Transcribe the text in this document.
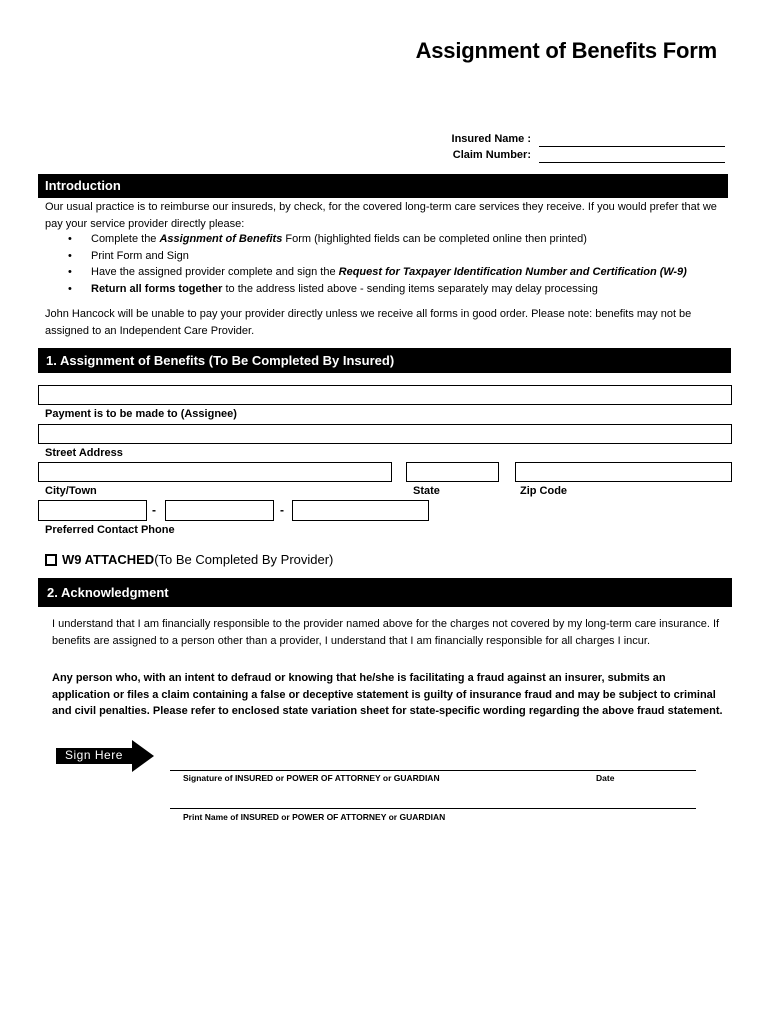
Assignment of Benefits Form
Insured Name :
Claim Number:
Introduction
Our usual practice is to reimburse our insureds, by check, for the covered long-term care services they receive. If you would prefer that we pay your service provider directly please:
• Complete the Assignment of Benefits Form (highlighted fields can be completed online then printed)
• Print Form and Sign
• Have the assigned provider complete and sign the Request for Taxpayer Identification Number and Certification (W-9)
• Return all forms together to the address listed above - sending items separately may delay processing
John Hancock will be unable to pay your provider directly unless we receive all forms in good order. Please note: benefits may not be assigned to an Independent Care Provider.
1. Assignment of Benefits (To Be Completed By Insured)
Payment is to be made to (Assignee)
Street Address
City/Town	State	Zip Code
-	-
Preferred Contact Phone
W9 ATTACHED (To Be Completed By Provider)
2. Acknowledgment
I understand that I am financially responsible to the provider named above for the charges not covered by my long-term care insurance. If benefits are assigned to a person other than a provider, I understand that I am financially responsible for all charges I incur.
Any person who, with an intent to defraud or knowing that he/she is facilitating a fraud against an insurer, submits an application or files a claim containing a false or deceptive statement is guilty of insurance fraud and may be subject to criminal and civil penalties. Please refer to enclosed state variation sheet for state-specific wording regarding the above fraud statement.
Sign Here
Signature of INSURED or POWER OF ATTORNEY or GUARDIAN	Date
Print Name of INSURED or POWER OF ATTORNEY or GUARDIAN
